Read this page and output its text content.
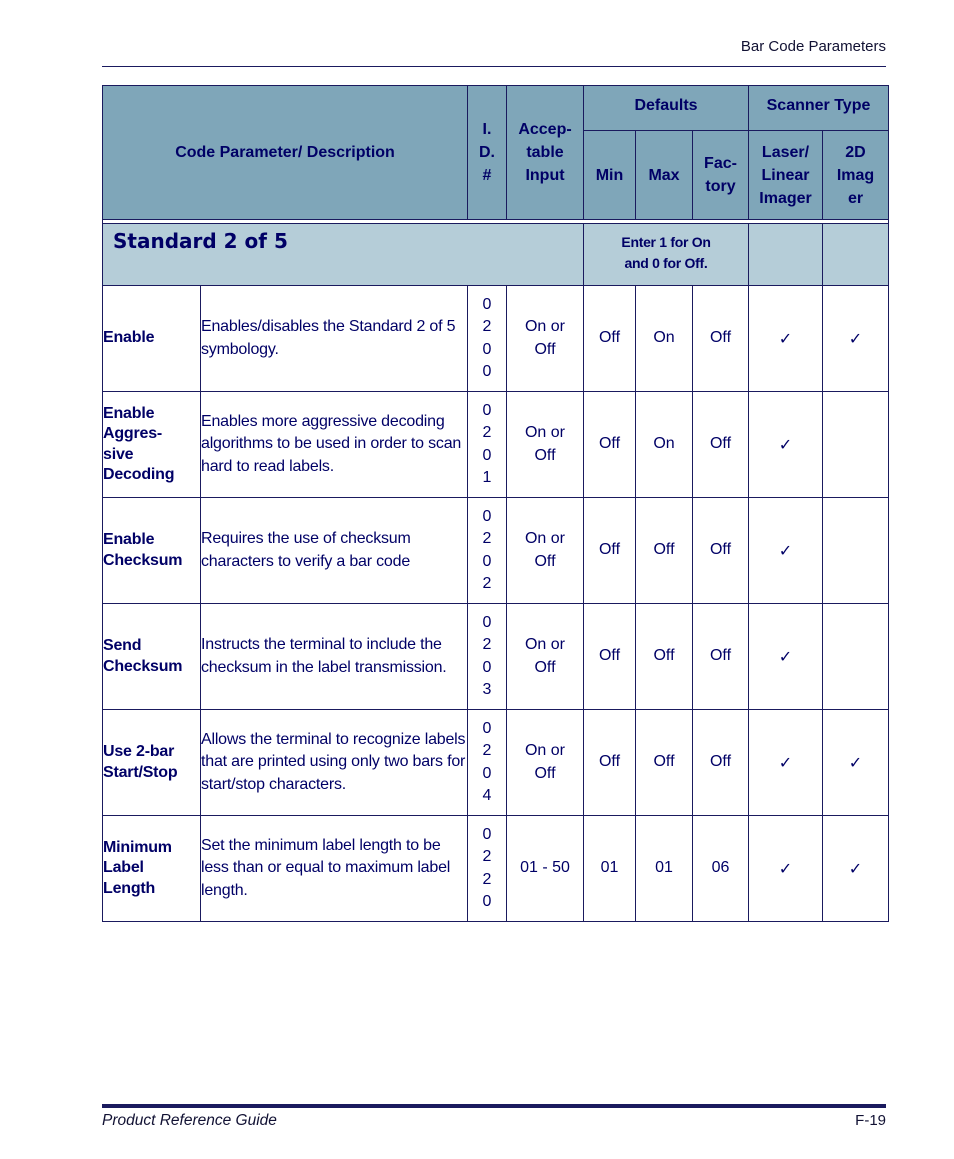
Bar Code Parameters
Code Parameter/ Description		I.
D.
#	Accep-
table
Input	Defaults			Scanner Type	
				Min	Max	Fac-
tory	Laser/
Linear
Imager	2D
Imag
er

Standard 2 of 5				Enter 1 for On
and 0 for Off.				

Enable	Enables/disables the Standard 2 of 5 symbology.	0
2
0
0	On or
Off	Off	On	Off	✓	✓
Enable
Aggres-
sive
Decoding	Enables more aggressive decoding algorithms to be used in order to scan hard to read labels.	0
2
0
1	On or
Off	Off	On	Off	✓	
Enable
Checksum	Requires the use of checksum characters to verify a bar code	0
2
0
2	On or
Off	Off	Off	Off	✓	
Send
Checksum	Instructs the terminal to include the checksum in the label transmission.	0
2
0
3	On or
Off	Off	Off	Off	✓	
Use 2-bar
Start/Stop	Allows the terminal to recognize labels that are printed using only two bars for start/stop characters.	0
2
0
4	On or
Off	Off	Off	Off	✓	✓
Minimum
Label
Length	Set the minimum label length to be less than or equal to maximum label length.	0
2
2
0	01 - 50	01	01	06	✓	✓
Product Reference Guide	F-19
